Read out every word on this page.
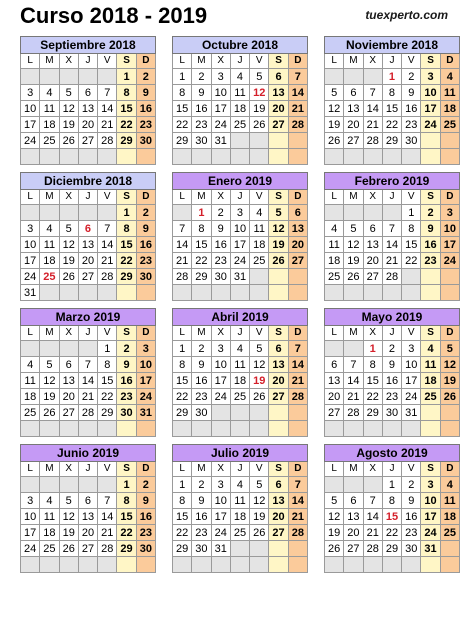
Curso 2018 - 2019	tuexperto.com
Septiembre 2018						
L	M	X	J	V	S	D
					1	2
3	4	5	6	7	8	9
10	11	12	13	14	15	16
17	18	19	20	21	22	23
24	25	26	27	28	29	30

Octubre 2018						
L	M	X	J	V	S	D
1	2	3	4	5	6	7
8	9	10	11	12	13	14
15	16	17	18	19	20	21
22	23	24	25	26	27	28
29	30	31				

Noviembre 2018						
L	M	X	J	V	S	D
			1	2	3	4
5	6	7	8	9	10	11
12	13	14	15	16	17	18
19	20	21	22	23	24	25
26	27	28	29	30		

Diciembre 2018						
L	M	X	J	V	S	D
					1	2
3	4	5	6	7	8	9
10	11	12	13	14	15	16
17	18	19	20	21	22	23
24	25	26	27	28	29	30
31						
Enero 2019						
L	M	X	J	V	S	D
	1	2	3	4	5	6
7	8	9	10	11	12	13
14	15	16	17	18	19	20
21	22	23	24	25	26	27
28	29	30	31			

Febrero 2019						
L	M	X	J	V	S	D
				1	2	3
4	5	6	7	8	9	10
11	12	13	14	15	16	17
18	19	20	21	22	23	24
25	26	27	28			

Marzo 2019						
L	M	X	J	V	S	D
				1	2	3
4	5	6	7	8	9	10
11	12	13	14	15	16	17
18	19	20	21	22	23	24
25	26	27	28	29	30	31

Abril 2019						
L	M	X	J	V	S	D
1	2	3	4	5	6	7
8	9	10	11	12	13	14
15	16	17	18	19	20	21
22	23	24	25	26	27	28
29	30					

Mayo 2019						
L	M	X	J	V	S	D
		1	2	3	4	5
6	7	8	9	10	11	12
13	14	15	16	17	18	19
20	21	22	23	24	25	26
27	28	29	30	31		

Junio 2019						
L	M	X	J	V	S	D
					1	2
3	4	5	6	7	8	9
10	11	12	13	14	15	16
17	18	19	20	21	22	23
24	25	26	27	28	29	30

Julio 2019						
L	M	X	J	V	S	D
1	2	3	4	5	6	7
8	9	10	11	12	13	14
15	16	17	18	19	20	21
22	23	24	25	26	27	28
29	30	31				

Agosto 2019						
L	M	X	J	V	S	D
			1	2	3	4
5	6	7	8	9	10	11
12	13	14	15	16	17	18
19	20	21	22	23	24	25
26	27	28	29	30	31	
